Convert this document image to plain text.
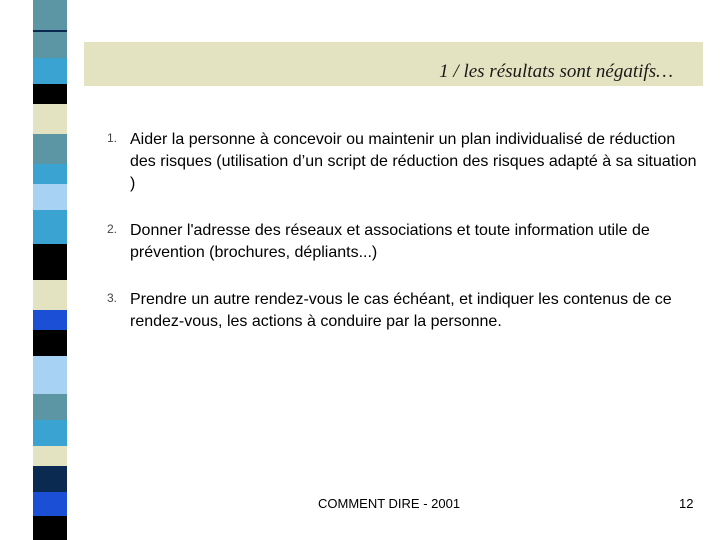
1 / les résultats sont négatifs…
1. Aider la personne à concevoir ou maintenir un plan individualisé de réduction des risques (utilisation d’un script de réduction des risques adapté à sa situation )
2. Donner l'adresse des réseaux et associations et toute information utile de prévention (brochures, dépliants...)
3. Prendre un autre rendez-vous le cas échéant, et indiquer les contenus de ce rendez-vous, les actions à conduire par la personne.
COMMENT DIRE - 2001	12
